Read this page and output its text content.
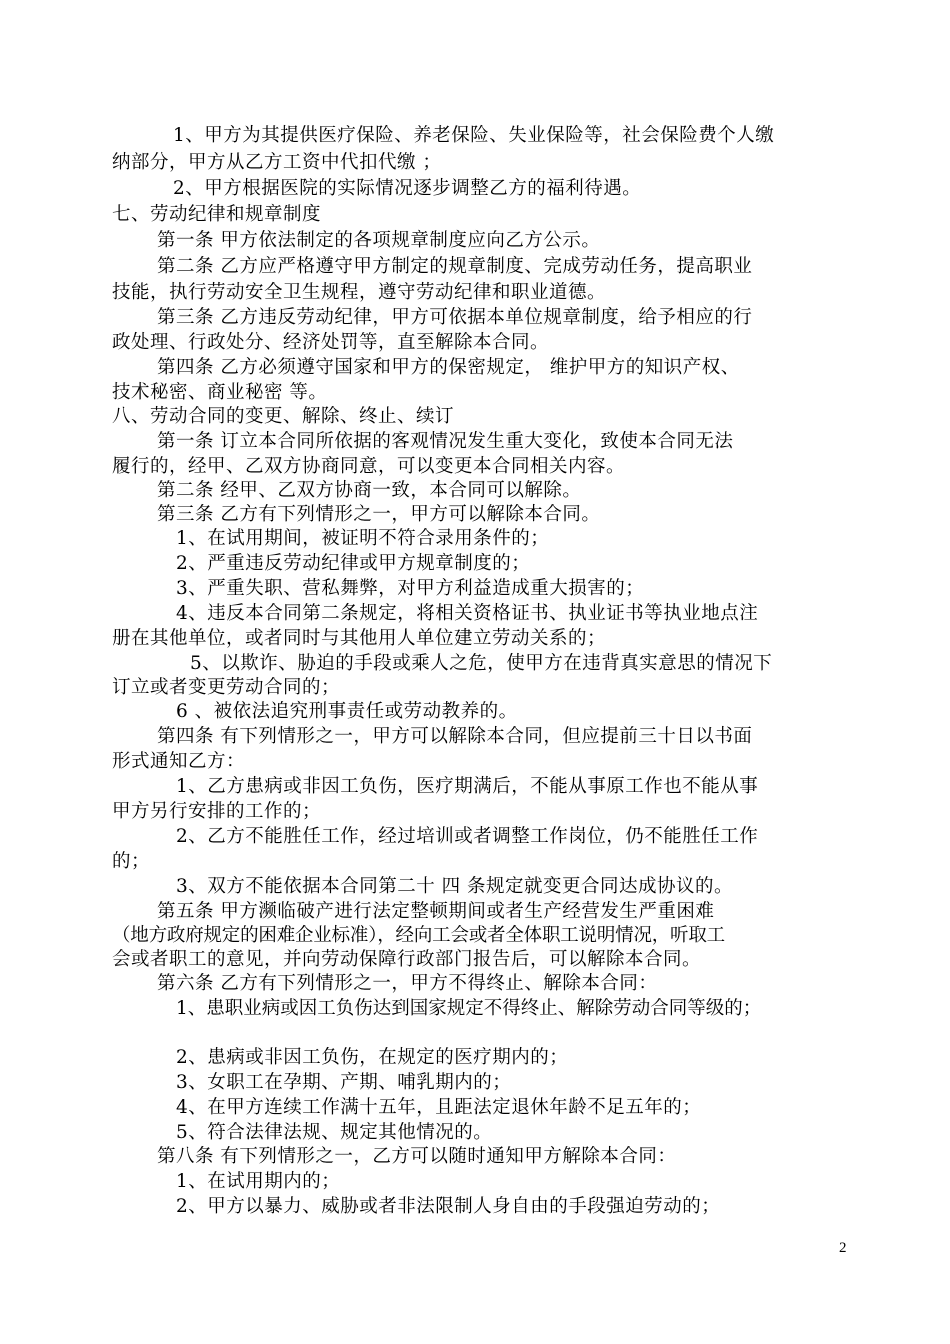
1、甲方为其提供医疗保险、养老保险、失业保险等，社会保险费个人缴

纳部分，甲方从乙方工资中代扣代缴 ；

2、甲方根据医院的实际情况逐步调整乙方的福利待遇。

七、劳动纪律和规章制度

第一条 甲方依法制定的各项规章制度应向乙方公示。

第二条 乙方应严格遵守甲方制定的规章制度、完成劳动任务，提高职业

技能，执行劳动安全卫生规程，遵守劳动纪律和职业道德。

第三条 乙方违反劳动纪律，甲方可依据本单位规章制度，给予相应的行

政处理、行政处分、经济处罚等，直至解除本合同。

第四条 乙方必须遵守国家和甲方的保密规定， 维护甲方的知识产权、

技术秘密、商业秘密 等。

八、劳动合同的变更、解除、终止、续订

第一条 订立本合同所依据的客观情况发生重大变化，致使本合同无法

履行的，经甲、乙双方协商同意，可以变更本合同相关内容。

第二条 经甲、乙双方协商一致，本合同可以解除。

第三条 乙方有下列情形之一，甲方可以解除本合同。

1、在试用期间，被证明不符合录用条件的；

2、严重违反劳动纪律或甲方规章制度的；

3、严重失职、营私舞弊，对甲方利益造成重大损害的；

4、违反本合同第二条规定，将相关资格证书、执业证书等执业地点注

册在其他单位，或者同时与其他用人单位建立劳动关系的；

5、以欺诈、胁迫的手段或乘人之危，使甲方在违背真实意思的情况下

订立或者变更劳动合同的；

6 、被依法追究刑事责任或劳动教养的。

第四条 有下列情形之一，甲方可以解除本合同，但应提前三十日以书面

形式通知乙方：

1、乙方患病或非因工负伤，医疗期满后，不能从事原工作也不能从事

甲方另行安排的工作的；

2、乙方不能胜任工作，经过培训或者调整工作岗位，仍不能胜任工作

的；

3、双方不能依据本合同第二十 四 条规定就变更合同达成协议的。

第五条 甲方濒临破产进行法定整顿期间或者生产经营发生严重困难

（地方政府规定的困难企业标准），经向工会或者全体职工说明情况，听取工

会或者职工的意见，并向劳动保障行政部门报告后，可以解除本合同。

第六条 乙方有下列情形之一，甲方不得终止、解除本合同：

1、患职业病或因工负伤达到国家规定不得终止、解除劳动合同等级的；

2、患病或非因工负伤，在规定的医疗期内的；

3、女职工在孕期、产期、哺乳期内的；

4、在甲方连续工作满十五年，且距法定退休年龄不足五年的；

5、符合法律法规、规定其他情况的。

第八条 有下列情形之一，乙方可以随时通知甲方解除本合同：

1、在试用期内的；

2、甲方以暴力、威胁或者非法限制人身自由的手段强迫劳动的；

2
